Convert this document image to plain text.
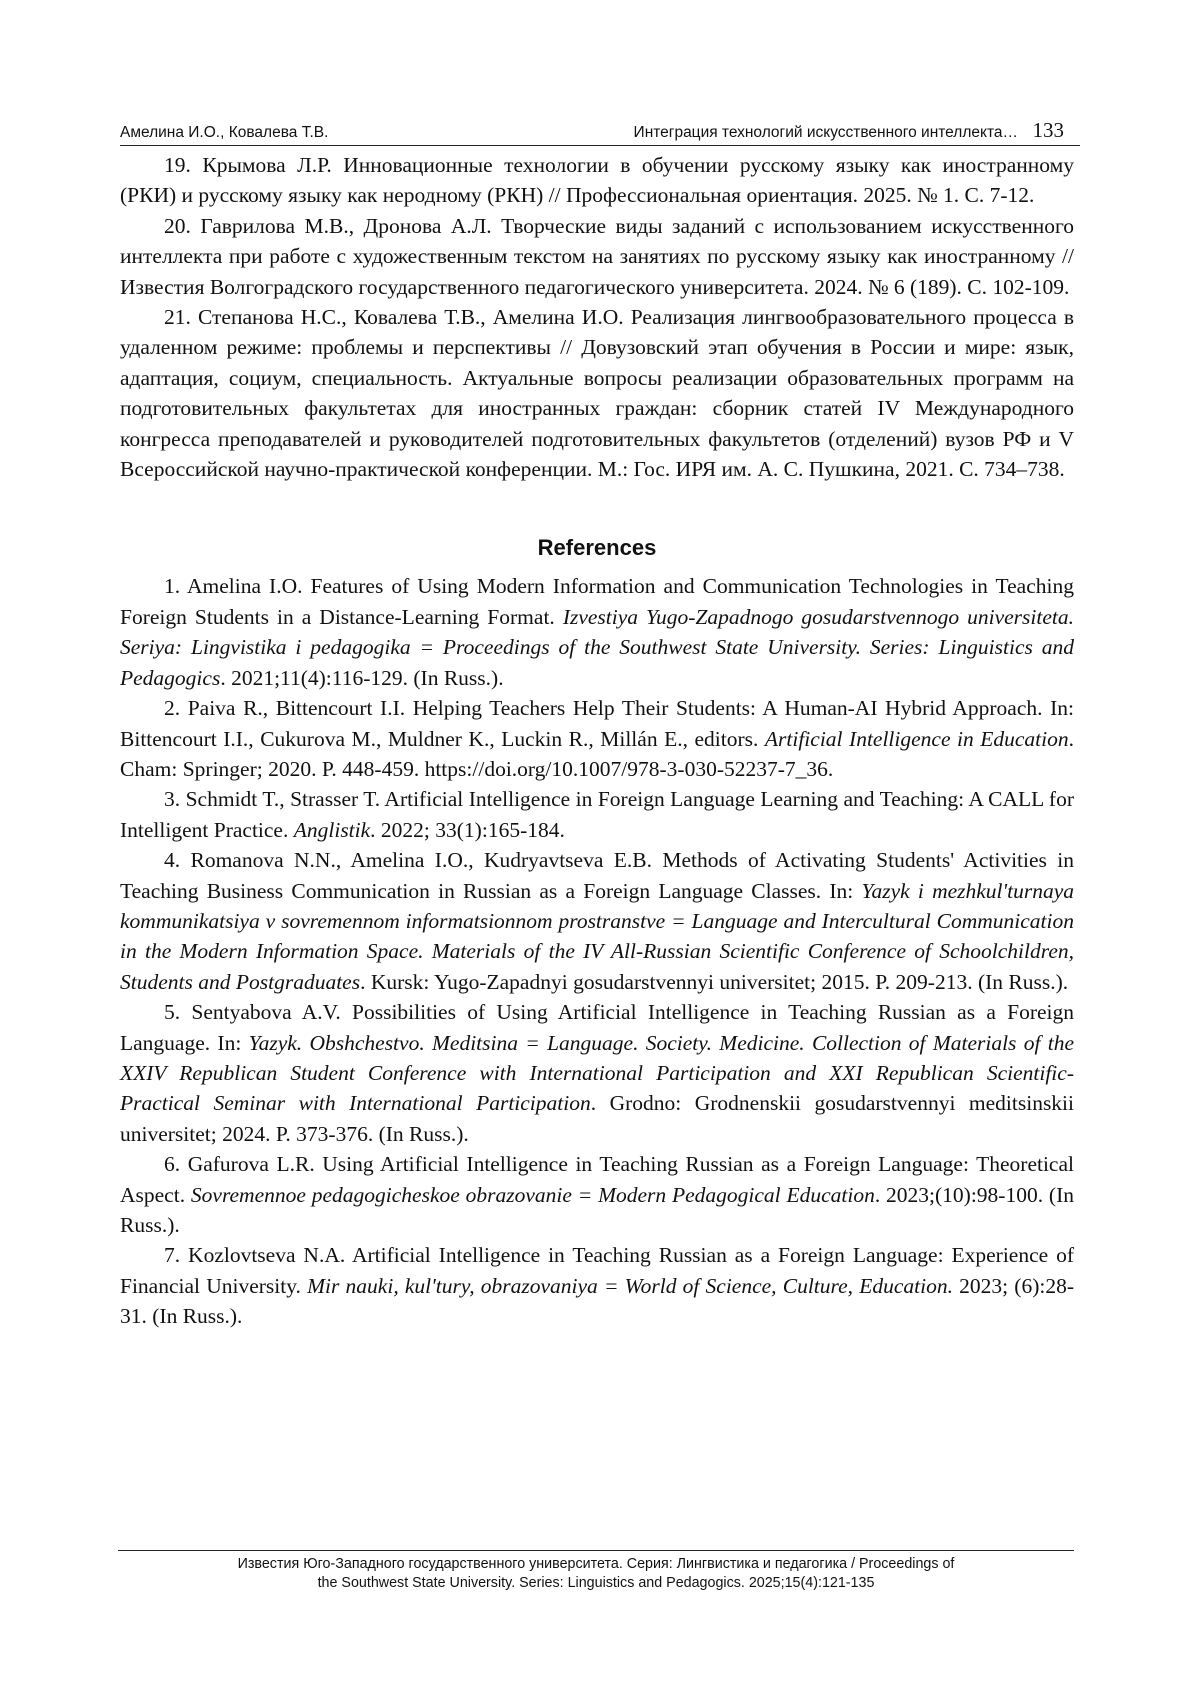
Амелина И.О., Ковалева Т.В.	Интеграция технологий искусственного интеллекта… 133

19. Крымова Л.Р. Инновационные технологии в обучении русскому языку как иностранному (РКИ) и русскому языку как неродному (РКН) // Профессиональная ориентация. 2025. № 1. С. 7-12.

20. Гаврилова М.В., Дронова А.Л. Творческие виды заданий с использованием искусственного интеллекта при работе с художественным текстом на занятиях по русскому языку как иностранному // Известия Волгоградского государственного педагогического университета. 2024. № 6 (189). С. 102-109.

21. Степанова Н.С., Ковалева Т.В., Амелина И.О. Реализация лингвообразовательного процесса в удаленном режиме: проблемы и перспективы // Довузовский этап обучения в России и мире: язык, адаптация, социум, специальность. Актуальные вопросы реализации образовательных программ на подготовительных факультетах для иностранных граждан: сборник статей IV Международного конгресса преподавателей и руководителей подготовительных факультетов (отделений) вузов РФ и V Всероссийской научно-практической конференции. М.: Гос. ИРЯ им. А. С. Пушкина, 2021. С. 734–738.

References

1. Amelina I.O. Features of Using Modern Information and Communication Technologies in Teaching Foreign Students in a Distance-Learning Format. Izvestiya Yugo-Zapadnogo gosudarstvennogo universiteta. Seriya: Lingvistika i pedagogika = Proceedings of the Southwest State University. Series: Linguistics and Pedagogics. 2021;11(4):116-129. (In Russ.).

2. Paiva R., Bittencourt I.I. Helping Teachers Help Their Students: A Human-AI Hybrid Approach. In: Bittencourt I.I., Cukurova M., Muldner K., Luckin R., Millán E., editors. Artificial Intelligence in Education. Cham: Springer; 2020. P. 448-459. https://doi.org/10.1007/978-3-030-52237-7_36.

3. Schmidt T., Strasser T. Artificial Intelligence in Foreign Language Learning and Teaching: A CALL for Intelligent Practice. Anglistik. 2022; 33(1):165-184.

4. Romanova N.N., Amelina I.O., Kudryavtseva E.B. Methods of Activating Students' Activities in Teaching Business Communication in Russian as a Foreign Language Classes. In: Yazyk i mezhkul'turnaya kommunikatsiya v sovremennom informatsionnom prostranstve = Language and Intercultural Communication in the Modern Information Space. Materials of the IV All-Russian Scientific Conference of Schoolchildren, Students and Postgraduates. Kursk: Yugo-Zapadnyi gosudarstvennyi universitet; 2015. P. 209-213. (In Russ.).

5. Sentyabova A.V. Possibilities of Using Artificial Intelligence in Teaching Russian as a Foreign Language. In: Yazyk. Obshchestvo. Meditsina = Language. Society. Medicine. Collection of Materials of the XXIV Republican Student Conference with International Participation and XXI Republican Scientific-Practical Seminar with International Participation. Grodno: Grodnenskii gosudarstvennyi meditsinskii universitet; 2024. P. 373-376. (In Russ.).

6. Gafurova L.R. Using Artificial Intelligence in Teaching Russian as a Foreign Language: Theoretical Aspect. Sovremennoe pedagogicheskoe obrazovanie = Modern Pedagogical Education. 2023;(10):98-100. (In Russ.).

7. Kozlovtseva N.A. Artificial Intelligence in Teaching Russian as a Foreign Language: Experience of Financial University. Mir nauki, kul'tury, obrazovaniya = World of Science, Culture, Education. 2023; (6):28-31. (In Russ.).

Известия Юго-Западного государственного университета. Серия: Лингвистика и педагогика / Proceedings of
the Southwest State University. Series: Linguistics and Pedagogics. 2025;15(4):121-135
